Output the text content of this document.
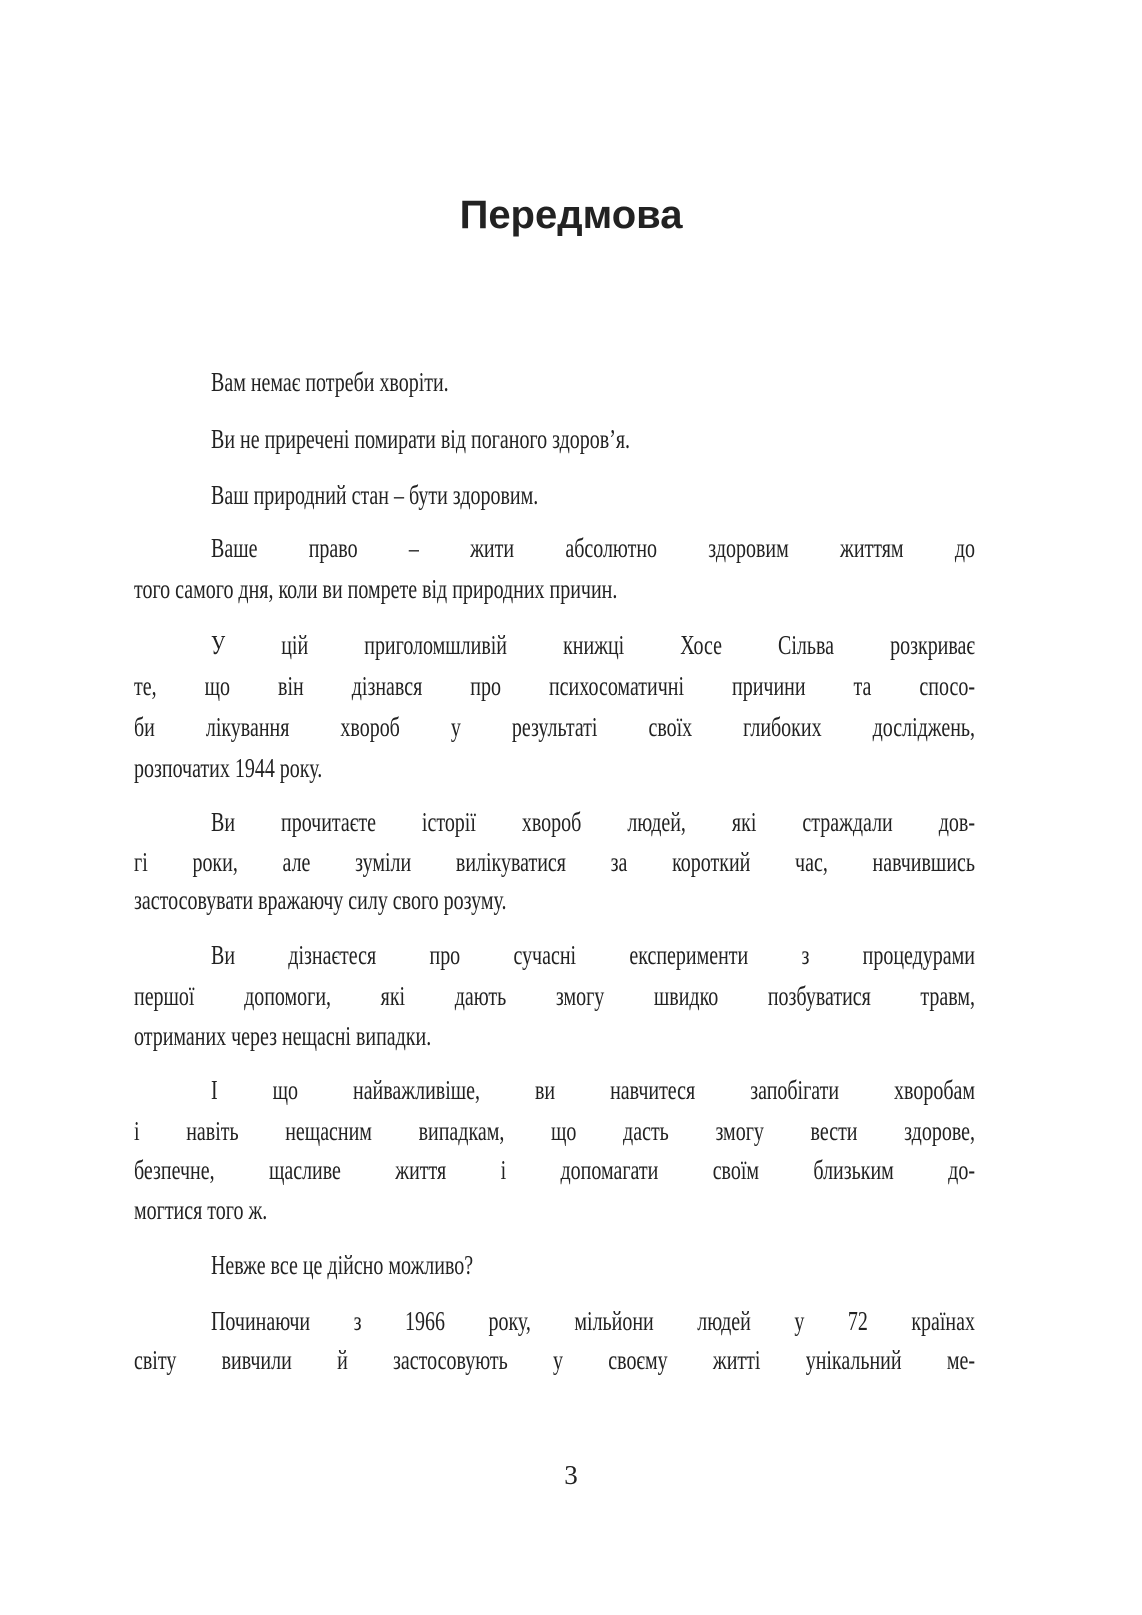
Передмова
Вам немає потреби хворіти.
Ви не приречені помирати від поганого здоров’я.
Ваш природний стан – бути здоровим.
Ваше право – жити абсолютно здоровим життям до
того самого дня, коли ви помрете від природних причин.
У цій приголомшливій книжці Хосе Сільва розкриває
те, що він дізнався про психосоматичні причини та спосо-
би лікування хвороб у результаті своїх глибоких досліджень,
розпочатих 1944 року.
Ви прочитаєте історії хвороб людей, які страждали дов-
гі роки, але зуміли вилікуватися за короткий час, навчившись
застосовувати вражаючу силу свого розуму.
Ви дізнаєтеся про сучасні експерименти з процедурами
першої допомоги, які дають змогу швидко позбуватися травм,
отриманих через нещасні випадки.
І що найважливіше, ви навчитеся запобігати хворобам
і навіть нещасним випадкам, що дасть змогу вести здорове,
безпечне, щасливе життя і допомагати своїм близьким до-
могтися того ж.
Невже все це дійсно можливо?
Починаючи з 1966 року, мільйони людей у 72 країнах
світу вивчили й застосовують у своєму житті унікальний ме-
3
